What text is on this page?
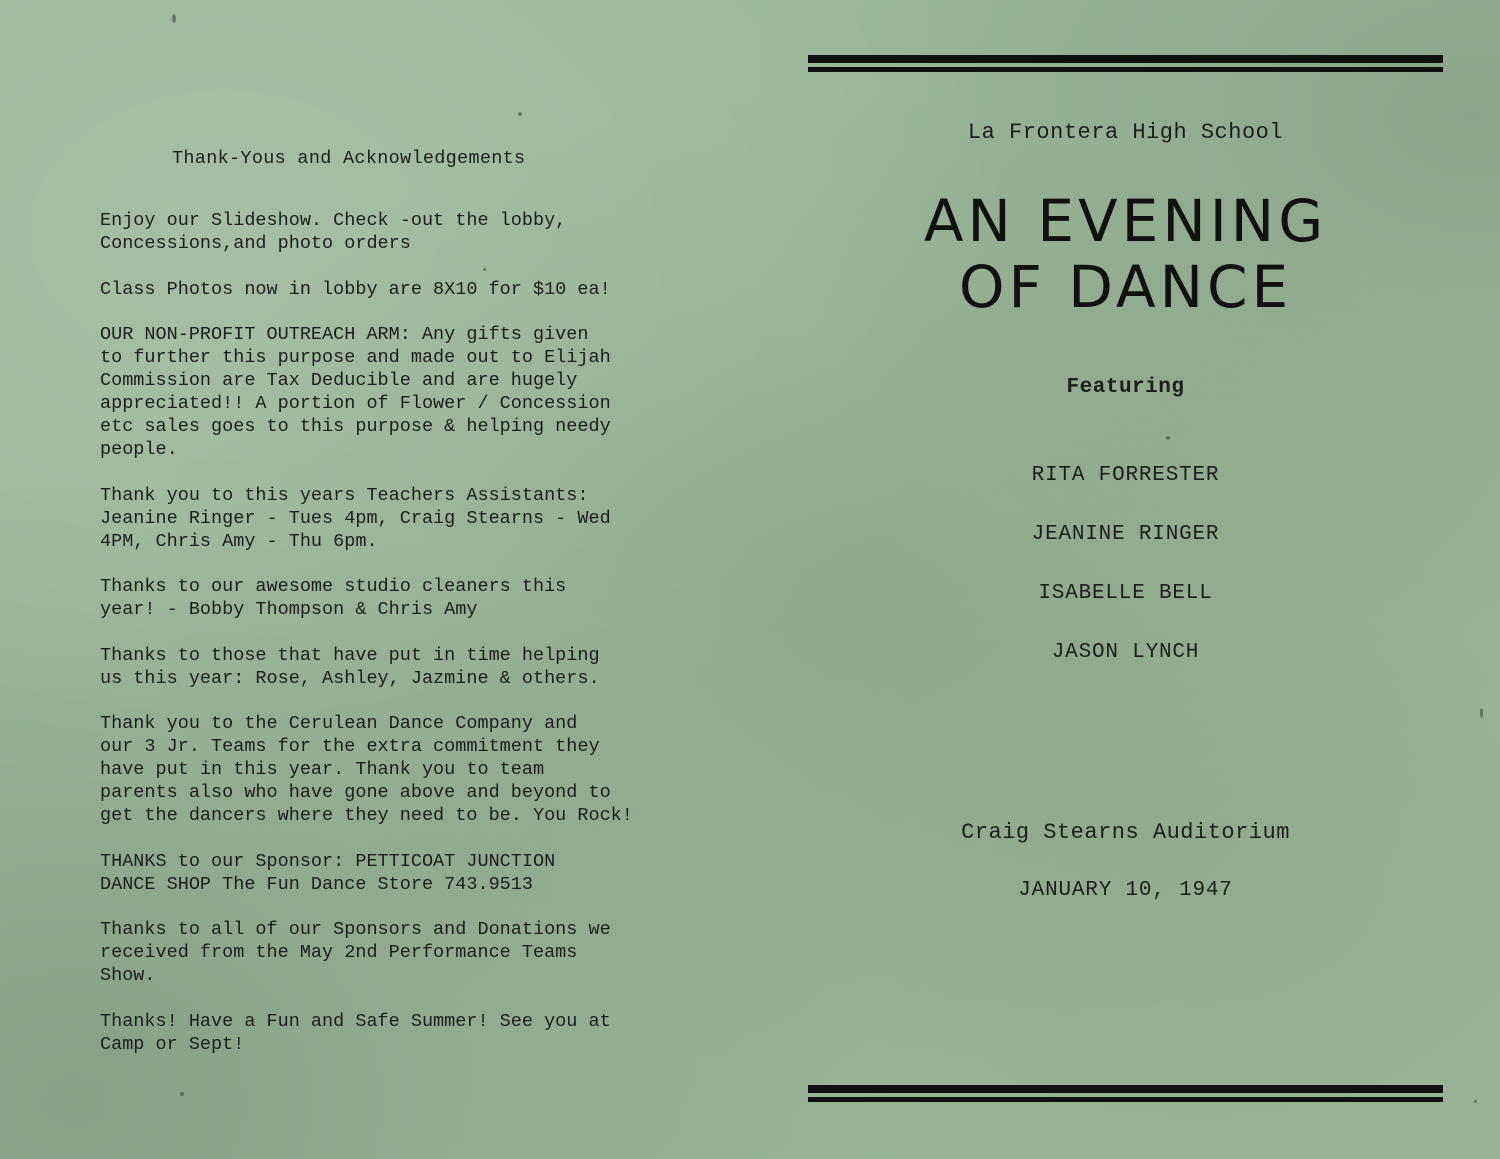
Thank-Yous and Acknowledgements
Enjoy our Slideshow. Check -out the lobby,
Concessions,and photo orders
Class Photos now in lobby are 8X10 for $10 ea!
OUR NON-PROFIT OUTREACH ARM: Any gifts given
to further this purpose and made out to Elijah
Commission are Tax Deducible and are hugely
appreciated!! A portion of Flower / Concession
etc sales goes to this purpose & helping needy
people.
Thank you to this years Teachers Assistants:
Jeanine Ringer - Tues 4pm, Craig Stearns - Wed
4PM, Chris Amy - Thu 6pm.
Thanks to our awesome studio cleaners this
year! - Bobby Thompson & Chris Amy
Thanks to those that have put in time helping
us this year: Rose, Ashley, Jazmine & others.
Thank you to the Cerulean Dance Company and
our 3 Jr. Teams for the extra commitment they
have put in this year. Thank you to team
parents also who have gone above and beyond to
get the dancers where they need to be. You Rock!
THANKS to our Sponsor: PETTICOAT JUNCTION
DANCE SHOP The Fun Dance Store 743.9513
Thanks to all of our Sponsors and Donations we
received from the May 2nd Performance Teams
Show.
Thanks! Have a Fun and Safe Summer! See you at
Camp or Sept!

La Frontera High School

AN EVENING
OF DANCE

Featuring

RITA FORRESTER
JEANINE RINGER
ISABELLE BELL
JASON LYNCH

Craig Stearns Auditorium

JANUARY 10, 1947
